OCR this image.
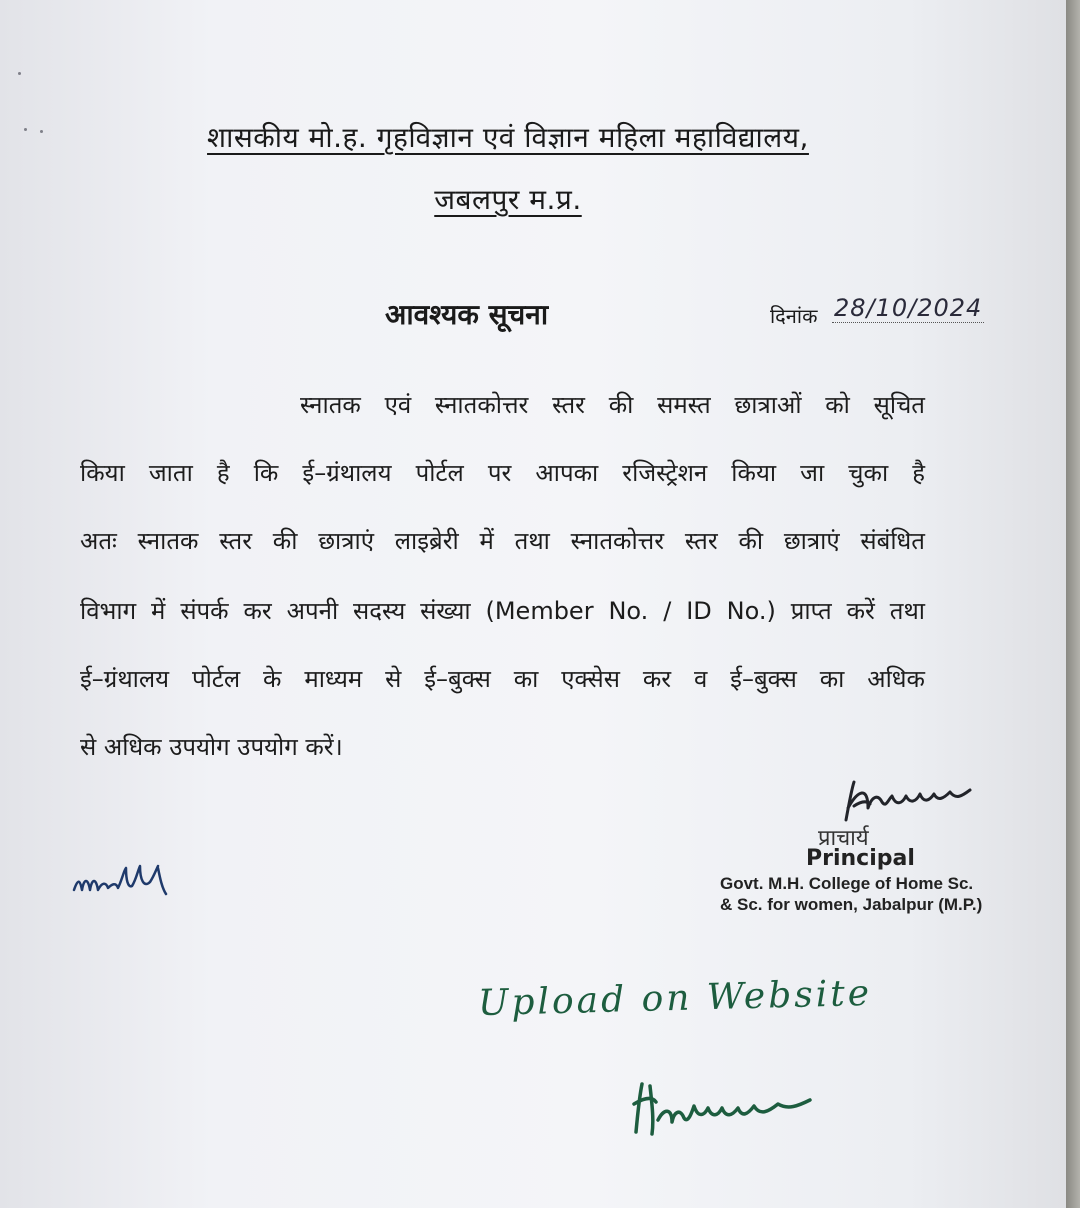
शासकीय मो.ह. गृहविज्ञान एवं विज्ञान महिला महाविद्यालय,
जबलपुर म.प्र.
आवश्यक सूचना	दिनांक 28/10/2024
स्नातक एवं स्नातकोत्तर स्तर की समस्त छात्राओं को सूचित
किया जाता है कि ई–ग्रंथालय पोर्टल पर आपका रजिस्ट्रेशन किया जा चुका है
अतः स्नातक स्तर की छात्राएं लाइब्रेरी में तथा स्नातकोत्तर स्तर की छात्राएं संबंधित
विभाग में संपर्क कर अपनी सदस्य संख्या (Member No. / ID No.) प्राप्त करें तथा
ई–ग्रंथालय पोर्टल के माध्यम से ई–बुक्स का एक्सेस कर व ई–बुक्स का अधिक
से अधिक उपयोग उपयोग करें।
प्राचार्य
Principal
Govt. M.H. College of Home Sc.
& Sc. for women, Jabalpur (M.P.)
Upload on Website
